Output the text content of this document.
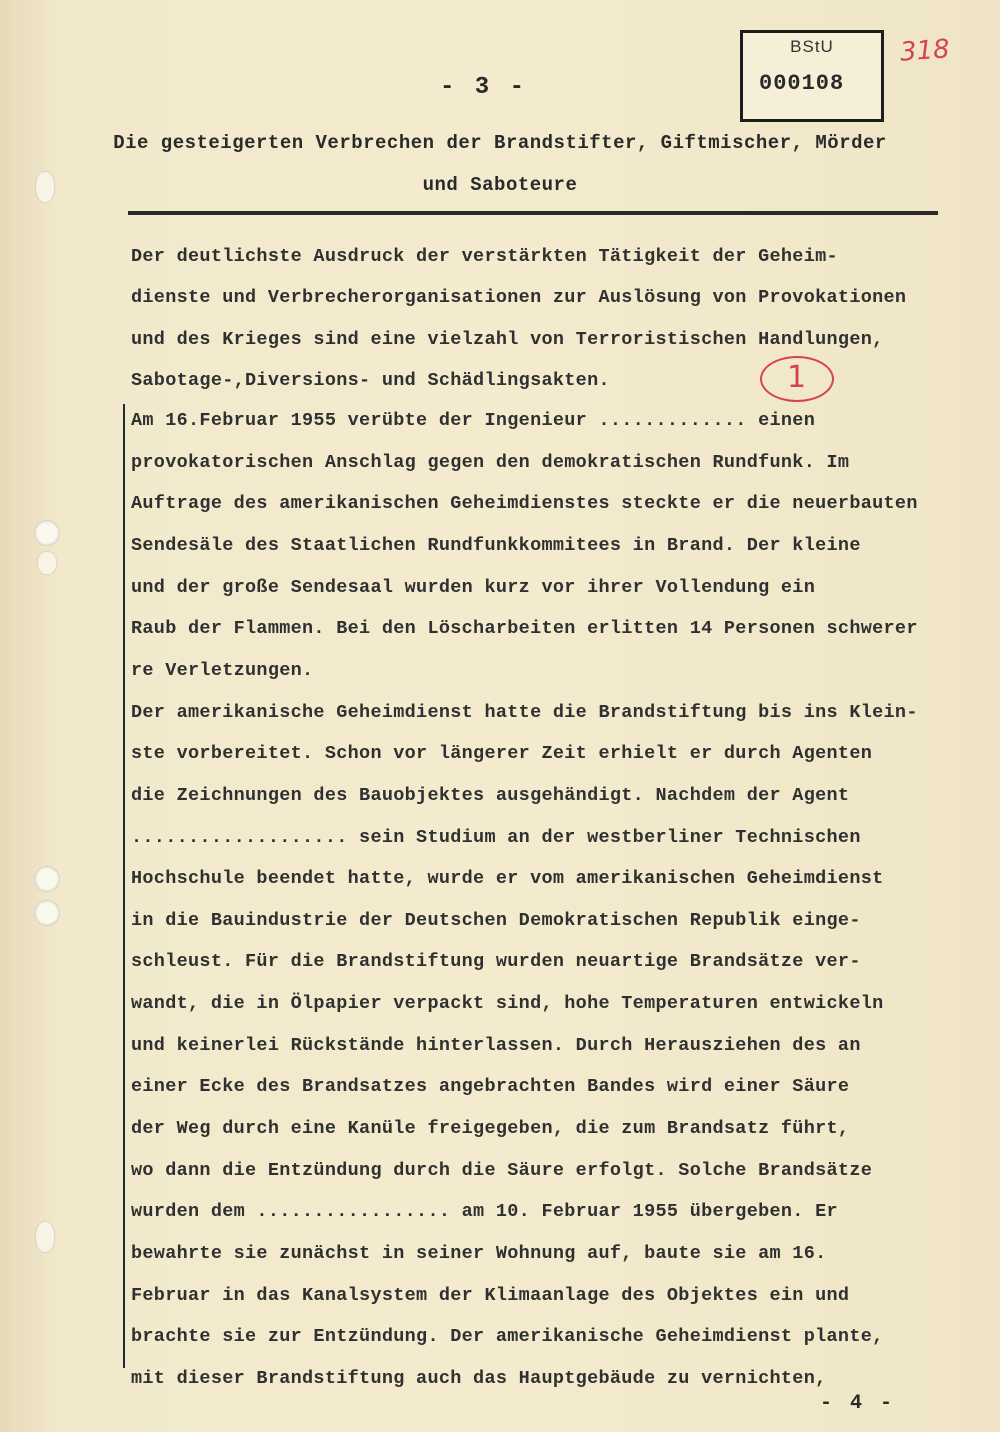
BStU
000108
318
- 3 -
Die gesteigerten Verbrechen der Brandstifter, Giftmischer, Mörder
und Saboteure
Der deutlichste Ausdruck der verstärkten Tätigkeit der Geheim-
dienste und Verbrecherorganisationen zur Auslösung von Provokationen
und des Krieges sind eine vielzahl von Terroristischen Handlungen,
Sabotage-,Diversions- und Schädlingsakten.	1
Am 16.Februar 1955 verübte der Ingenieur ............. einen
provokatorischen Anschlag gegen den demokratischen Rundfunk. Im
Auftrage des amerikanischen Geheimdienstes steckte er die neuerbauten
Sendesäle des Staatlichen Rundfunkkommitees in Brand. Der kleine
und der große Sendesaal wurden kurz vor ihrer Vollendung ein
Raub der Flammen. Bei den Löscharbeiten erlitten 14 Personen schwerer
re Verletzungen.
Der amerikanische Geheimdienst hatte die Brandstiftung bis ins Klein-
ste vorbereitet. Schon vor längerer Zeit erhielt er durch Agenten
die Zeichnungen des Bauobjektes ausgehändigt. Nachdem der Agent
................... sein Studium an der westberliner Technischen
Hochschule beendet hatte, wurde er vom amerikanischen Geheimdienst
in die Bauindustrie der Deutschen Demokratischen Republik einge-
schleust. Für die Brandstiftung wurden neuartige Brandsätze ver-
wandt, die in Ölpapier verpackt sind, hohe Temperaturen entwickeln
und keinerlei Rückstände hinterlassen. Durch Herausziehen des an
einer Ecke des Brandsatzes angebrachten Bandes wird einer Säure
der Weg durch eine Kanüle freigegeben, die zum Brandsatz führt,
wo dann die Entzündung durch die Säure erfolgt. Solche Brandsätze
wurden dem ................. am 10. Februar 1955 übergeben. Er
bewahrte sie zunächst in seiner Wohnung auf, baute sie am 16.
Februar in das Kanalsystem der Klimaanlage des Objektes ein und
brachte sie zur Entzündung. Der amerikanische Geheimdienst plante,
mit dieser Brandstiftung auch das Hauptgebäude zu vernichten,
- 4 -
